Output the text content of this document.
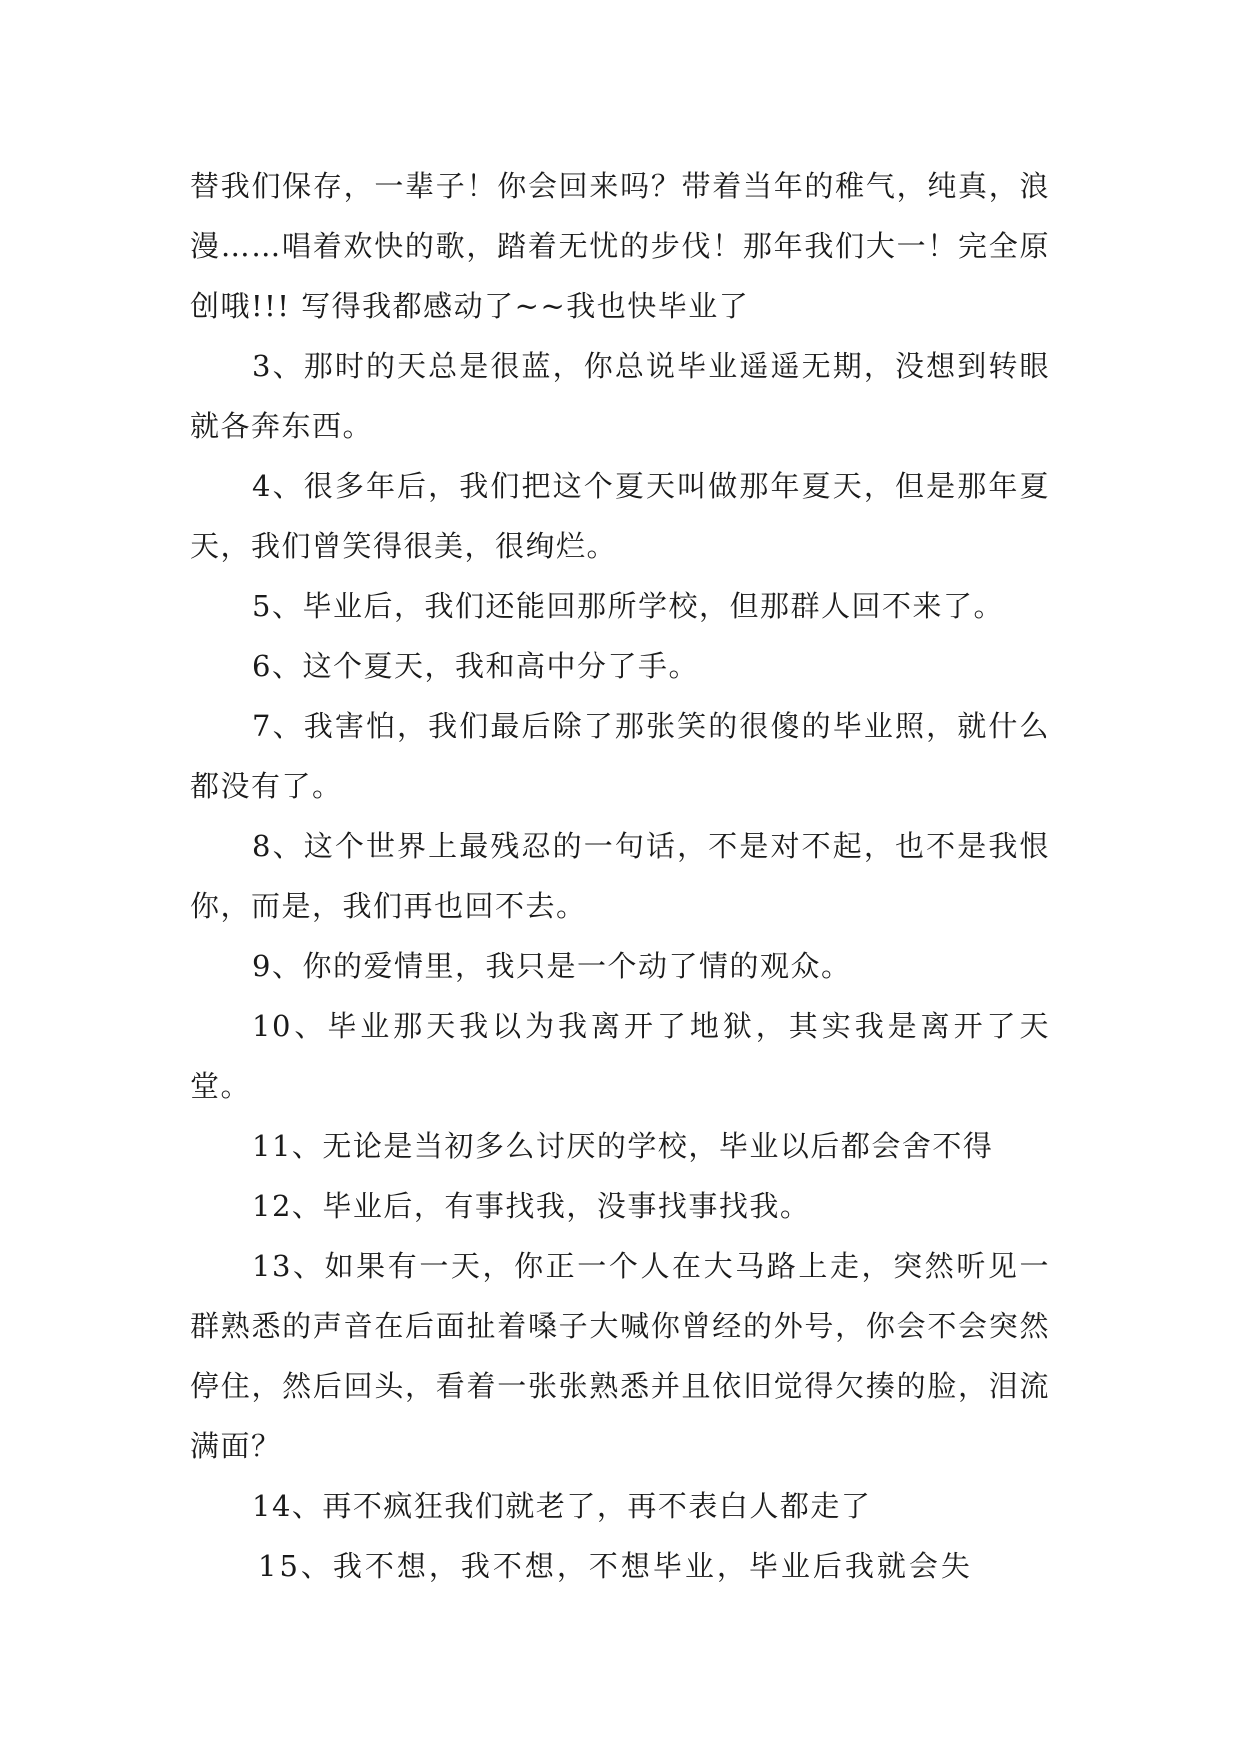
替我们保存，一辈子！你会回来吗？带着当年的稚气，纯真，浪漫……唱着欢快的歌，踏着无忧的步伐！那年我们大一！完全原创哦!!! 写得我都感动了~~我也快毕业了

3、那时的天总是很蓝，你总说毕业遥遥无期，没想到转眼就各奔东西。

4、很多年后，我们把这个夏天叫做那年夏天，但是那年夏天，我们曾笑得很美，很绚烂。

5、毕业后，我们还能回那所学校，但那群人回不来了。

6、这个夏天，我和高中分了手。

7、我害怕，我们最后除了那张笑的很傻的毕业照，就什么都没有了。

8、这个世界上最残忍的一句话，不是对不起，也不是我恨你，而是，我们再也回不去。

9、你的爱情里，我只是一个动了情的观众。

10、毕业那天我以为我离开了地狱，其实我是离开了天堂。

11、无论是当初多么讨厌的学校，毕业以后都会舍不得

12、毕业后，有事找我，没事找事找我。

13、如果有一天，你正一个人在大马路上走，突然听见一群熟悉的声音在后面扯着嗓子大喊你曾经的外号，你会不会突然停住，然后回头，看着一张张熟悉并且依旧觉得欠揍的脸，泪流满面？

14、再不疯狂我们就老了，再不表白人都走了

15、我不想，我不想，不想毕业，毕业后我就会失
